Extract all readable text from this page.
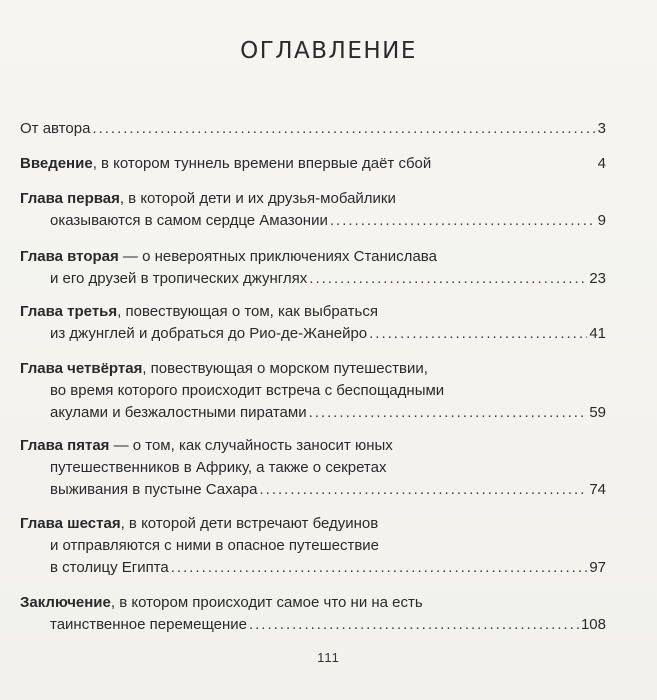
ОГЛАВЛЕНИЕ
От автора .....	3
Введение, в котором туннель времени впервые даёт сбой	4
Глава первая, в которой дети и их друзья-мобайлики
оказываются в самом сердце Амазонии .....	9
Глава вторая — о невероятных приключениях Станислава
и его друзей в тропических джунглях .....	23
Глава третья, повествующая о том, как выбраться
из джунглей и добраться до Рио-де-Жанейро .....	41
Глава четвёртая, повествующая о морском путешествии,
во время которого происходит встреча с беспощадными
акулами и безжалостными пиратами .....	59
Глава пятая — о том, как случайность заносит юных
путешественников в Африку, а также о секретах
выживания в пустыне Сахара .....	74
Глава шестая, в которой дети встречают бедуинов
и отправляются с ними в опасное путешествие
в столицу Египта .....	97
Заключение, в котором происходит самое что ни на есть
таинственное перемещение .....	108
111
